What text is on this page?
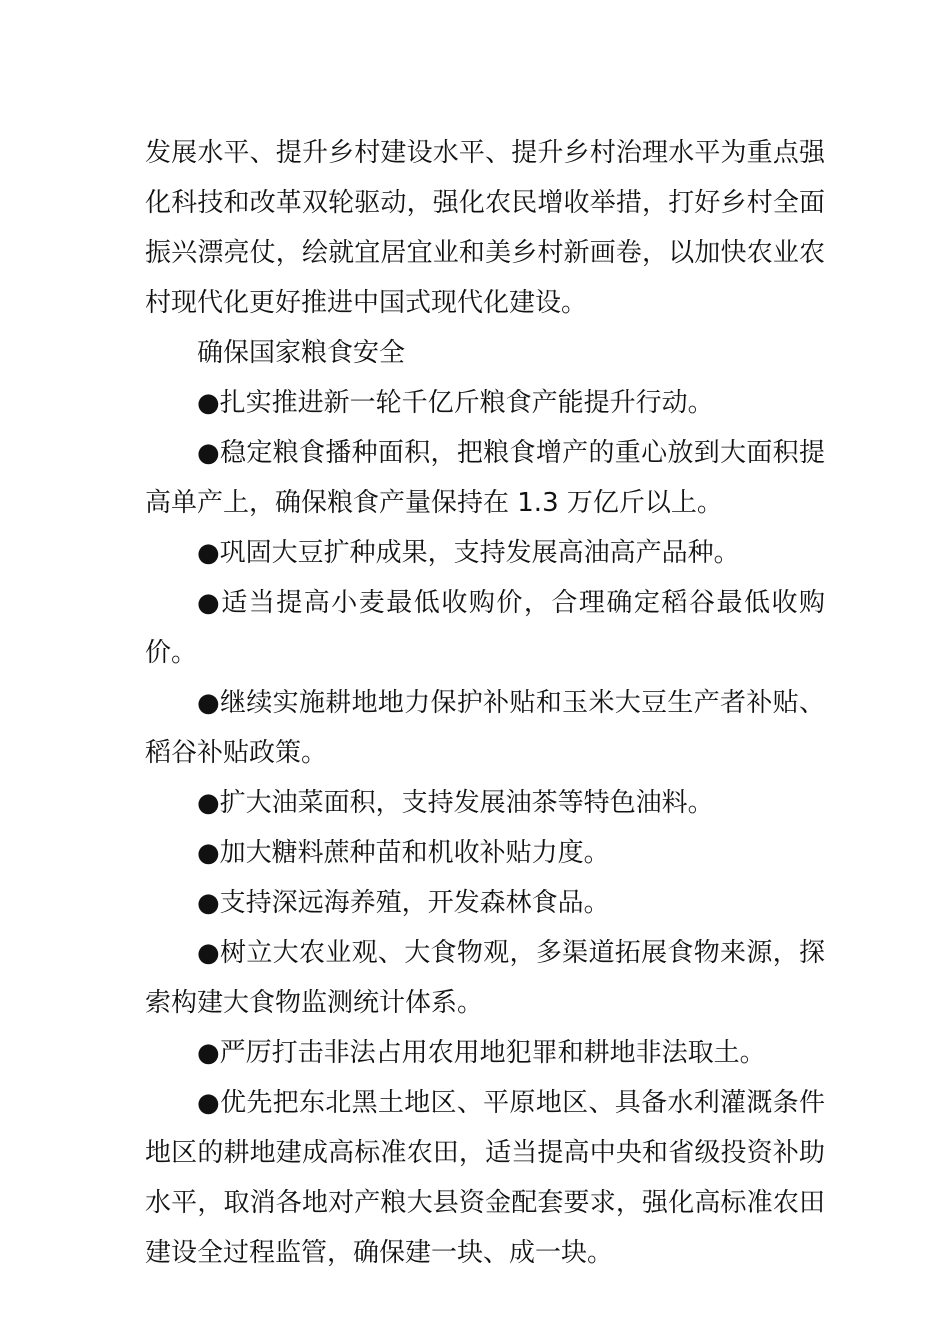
发展水平、提升乡村建设水平、提升乡村治理水平为重点强化科技和改革双轮驱动，强化农民增收举措，打好乡村全面振兴漂亮仗，绘就宜居宜业和美乡村新画卷，以加快农业农村现代化更好推进中国式现代化建设。

确保国家粮食安全

●扎实推进新一轮千亿斤粮食产能提升行动。

●稳定粮食播种面积，把粮食增产的重心放到大面积提高单产上，确保粮食产量保持在 1.3 万亿斤以上。

●巩固大豆扩种成果，支持发展高油高产品种。

●适当提高小麦最低收购价，合理确定稻谷最低收购价。

●继续实施耕地地力保护补贴和玉米大豆生产者补贴、稻谷补贴政策。

●扩大油菜面积，支持发展油茶等特色油料。

●加大糖料蔗种苗和机收补贴力度。

●支持深远海养殖，开发森林食品。

●树立大农业观、大食物观，多渠道拓展食物来源，探索构建大食物监测统计体系。

●严厉打击非法占用农用地犯罪和耕地非法取土。

●优先把东北黑土地区、平原地区、具备水利灌溉条件地区的耕地建成高标准农田，适当提高中央和省级投资补助水平，取消各地对产粮大县资金配套要求，强化高标准农田建设全过程监管，确保建一块、成一块。
